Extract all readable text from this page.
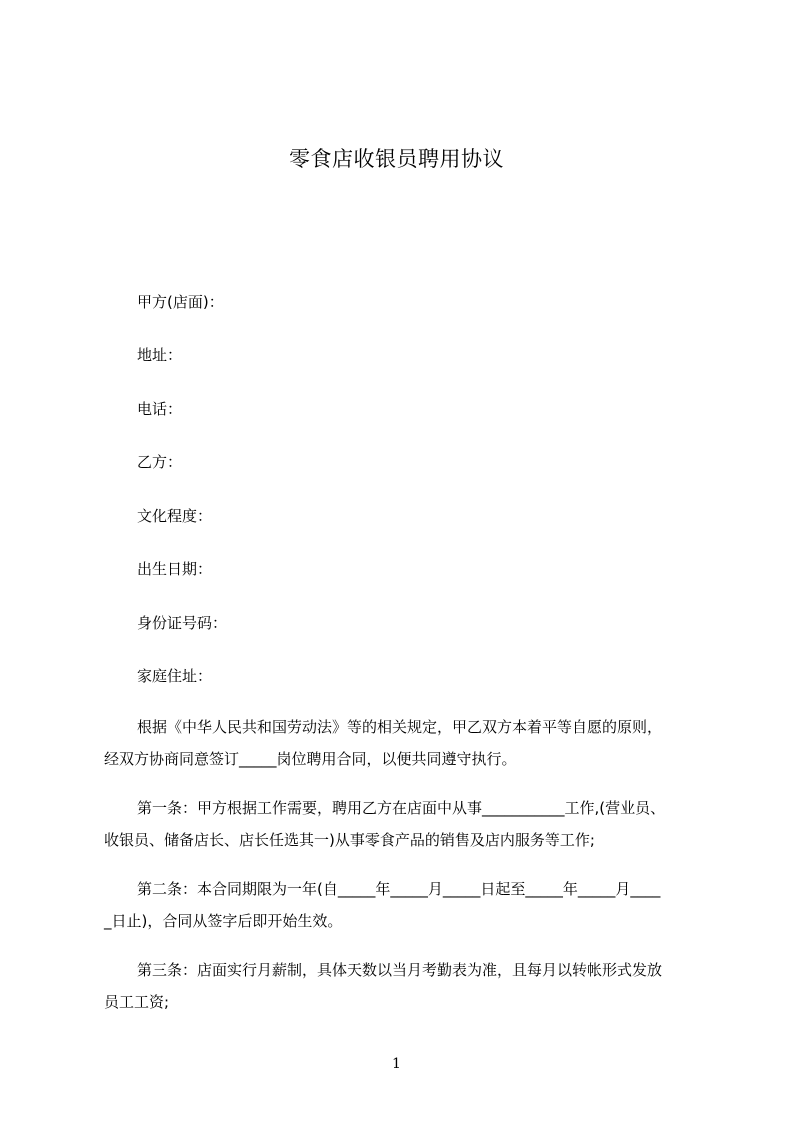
零食店收银员聘用协议
甲方(店面)：
地址：
电话：
乙方：
文化程度：
出生日期：
身份证号码：
家庭住址：
根据《中华人民共和国劳动法》等的相关规定，甲乙双方本着平等自愿的原则，
经双方协商同意签订_____岗位聘用合同，以便共同遵守执行。
第一条：甲方根据工作需要，聘用乙方在店面中从事___________工作,(营业员、
收银员、储备店长、店长任选其一)从事零食产品的销售及店内服务等工作;
第二条：本合同期限为一年(自_____年_____月_____日起至_____年_____月____
_日止)，合同从签字后即开始生效。
第三条：店面实行月薪制，具体天数以当月考勤表为准，且每月以转帐形式发放
员工工资;
1
